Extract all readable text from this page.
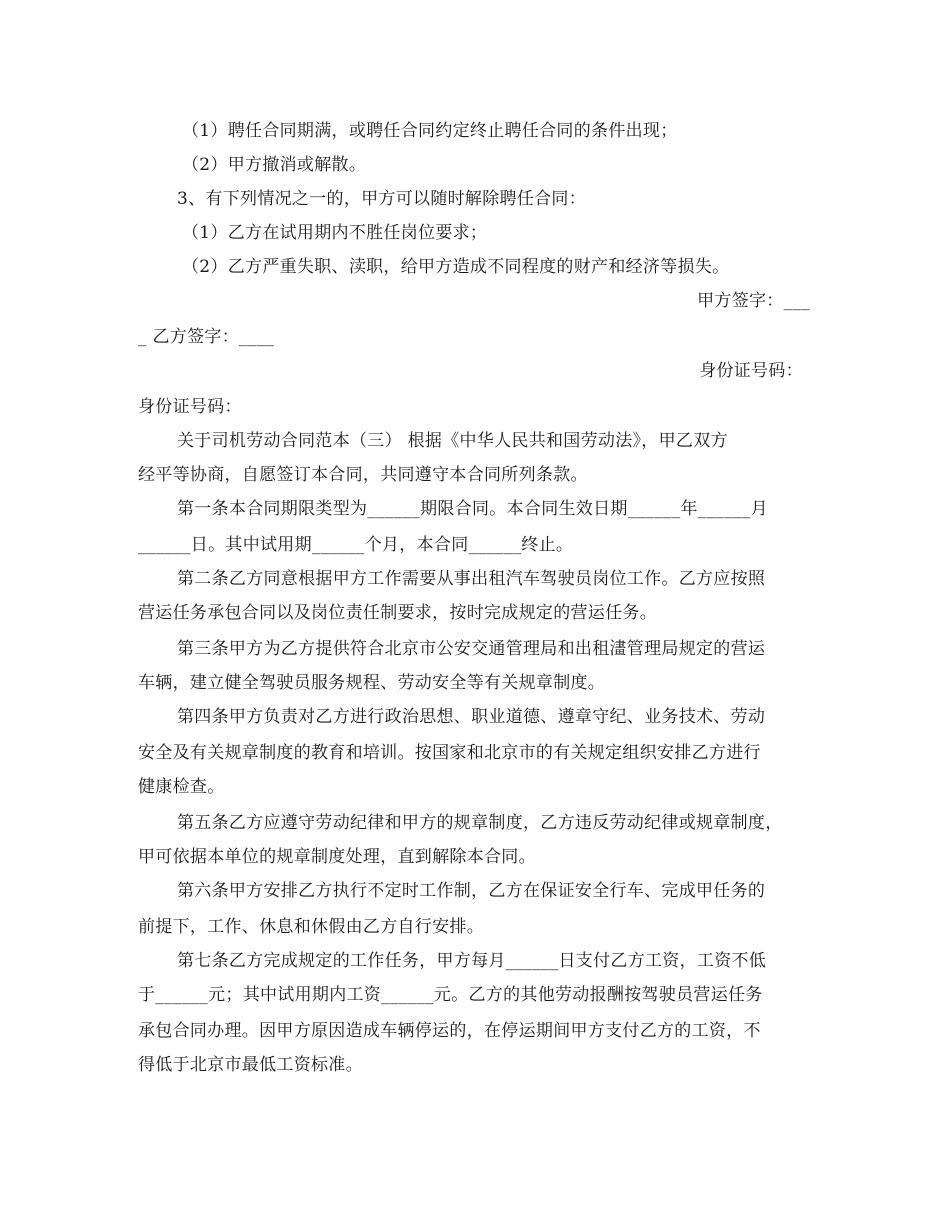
（1）聘任合同期满，或聘任合同约定终止聘任合同的条件出现；
（2）甲方撤消或解散。
3、有下列情况之一的，甲方可以随时解除聘任合同：
（1）乙方在试用期内不胜任岗位要求；
（2）乙方严重失职、渎职，给甲方造成不同程度的财产和经济等损失。
甲方签字：___
_ 乙方签字：____
身份证号码：
身份证号码：
关于司机劳动合同范本（三） 根据《中华人民共和国劳动法》，甲乙双方
经平等协商，自愿签订本合同，共同遵守本合同所列条款。
第一条本合同期限类型为______期限合同。本合同生效日期______年______月
______日。其中试用期______个月，本合同______终止。
第二条乙方同意根据甲方工作需要从事出租汽车驾驶员岗位工作。乙方应按照
营运任务承包合同以及岗位责任制要求，按时完成规定的营运任务。
第三条甲方为乙方提供符合北京市公安交通管理局和出租澅管理局规定的营运
车辆，建立健全驾驶员服务规程、劳动安全等有关规章制度。
第四条甲方负责对乙方进行政治思想、职业道德、遵章守纪、业务技术、劳动
安全及有关规章制度的教育和培训。按国家和北京市的有关规定组织安排乙方进行
健康检查。
第五条乙方应遵守劳动纪律和甲方的规章制度，乙方违反劳动纪律或规章制度，
甲可依据本单位的规章制度处理，直到解除本合同。
第六条甲方安排乙方执行不定时工作制，乙方在保证安全行车、完成甲任务的
前提下，工作、休息和休假由乙方自行安排。
第七条乙方完成规定的工作任务，甲方每月______日支付乙方工资，工资不低
于______元；其中试用期内工资______元。乙方的其他劳动报酬按驾驶员营运任务
承包合同办理。因甲方原因造成车辆停运的，在停运期间甲方支付乙方的工资，不
得低于北京市最低工资标准。
